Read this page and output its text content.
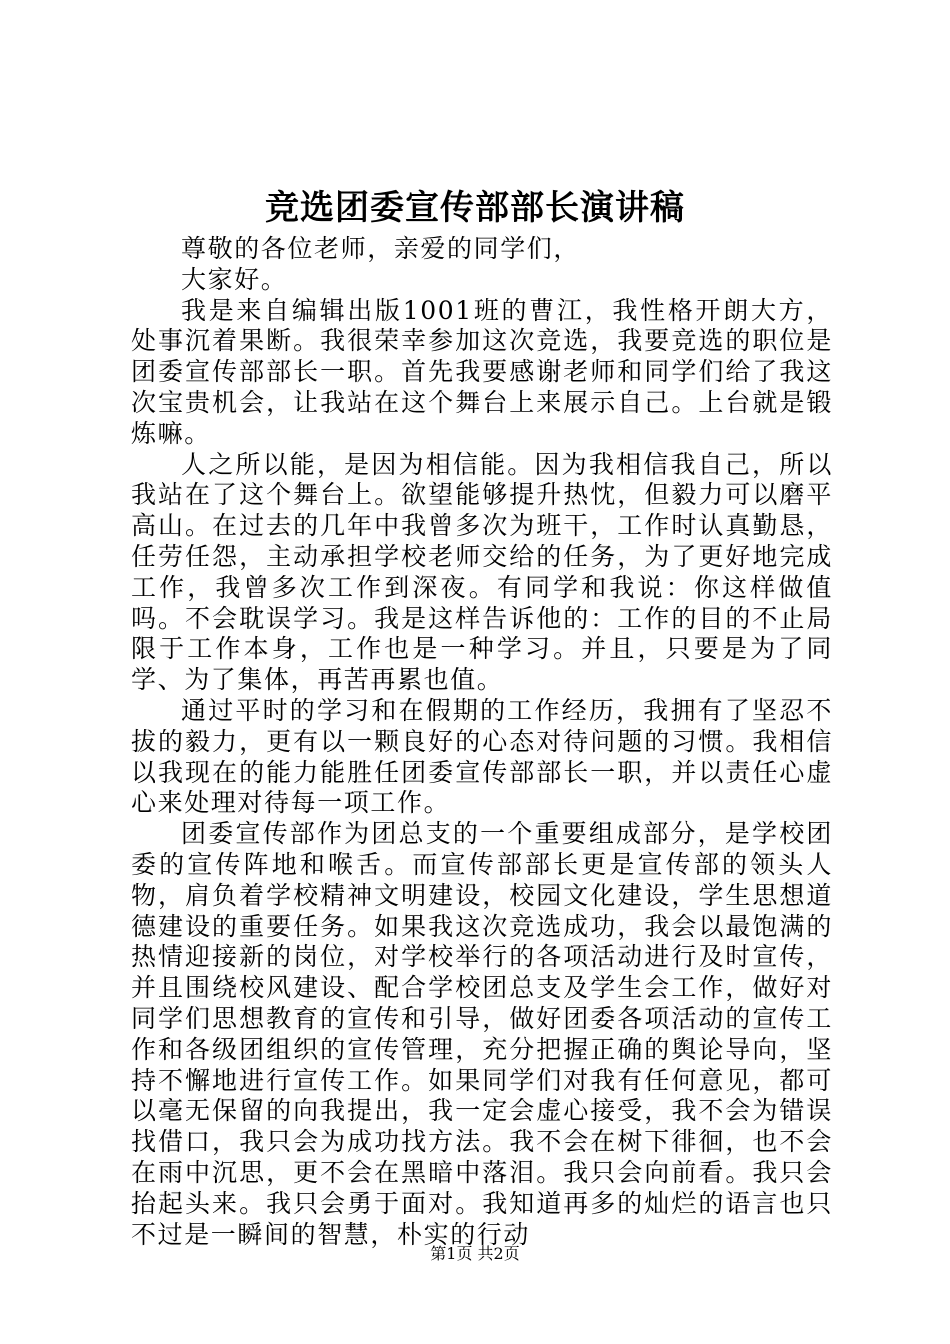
竞选团委宣传部部长演讲稿

尊敬的各位老师，亲爱的同学们，

大家好。

我是来自编辑出版1001班的曹江，我性格开朗大方，处事沉着果断。我很荣幸参加这次竞选，我要竞选的职位是团委宣传部部长一职。首先我要感谢老师和同学们给了我这次宝贵机会，让我站在这个舞台上来展示自己。上台就是锻炼嘛。

人之所以能，是因为相信能。因为我相信我自己，所以我站在了这个舞台上。欲望能够提升热忱，但毅力可以磨平高山。在过去的几年中我曾多次为班干，工作时认真勤恳，任劳任怨，主动承担学校老师交给的任务，为了更好地完成工作，我曾多次工作到深夜。有同学和我说：你这样做值吗。不会耽误学习。我是这样告诉他的：工作的目的不止局限于工作本身，工作也是一种学习。并且，只要是为了同学、为了集体，再苦再累也值。

通过平时的学习和在假期的工作经历，我拥有了坚忍不拔的毅力，更有以一颗良好的心态对待问题的习惯。我相信以我现在的能力能胜任团委宣传部部长一职，并以责任心虚心来处理对待每一项工作。

团委宣传部作为团总支的一个重要组成部分，是学校团委的宣传阵地和喉舌。而宣传部部长更是宣传部的领头人物，肩负着学校精神文明建设，校园文化建设，学生思想道德建设的重要任务。如果我这次竞选成功，我会以最饱满的热情迎接新的岗位，对学校举行的各项活动进行及时宣传，并且围绕校风建设、配合学校团总支及学生会工作，做好对同学们思想教育的宣传和引导，做好团委各项活动的宣传工作和各级团组织的宣传管理，充分把握正确的舆论导向，坚持不懈地进行宣传工作。如果同学们对我有任何意见，都可以毫无保留的向我提出，我一定会虚心接受，我不会为错误找借口，我只会为成功找方法。我不会在树下徘徊，也不会在雨中沉思，更不会在黑暗中落泪。我只会向前看。我只会抬起头来。我只会勇于面对。我知道再多的灿烂的语言也只不过是一瞬间的智慧，朴实的行动

第1页 共2页
